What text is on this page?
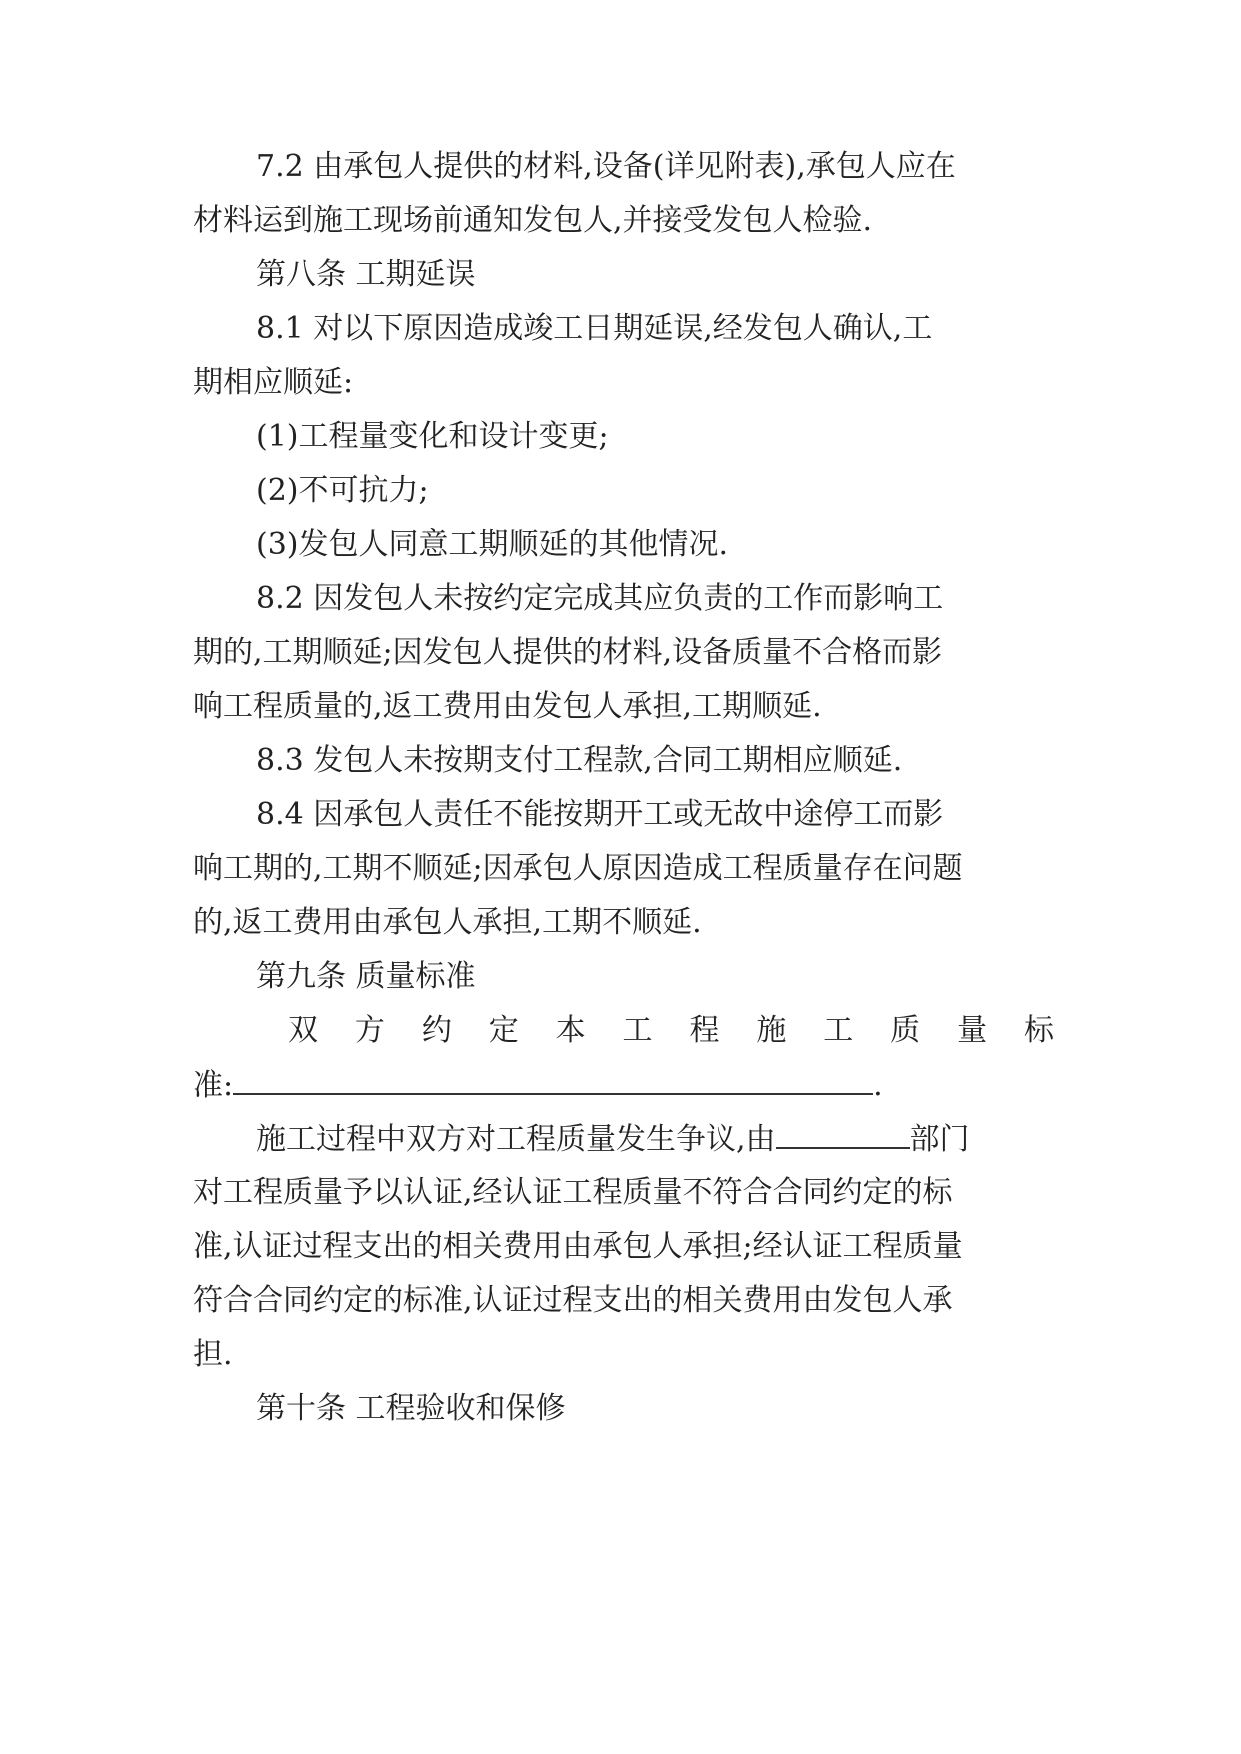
7.2 由承包人提供的材料,设备(详见附表),承包人应在
材料运到施工现场前通知发包人,并接受发包人检验.
第八条 工期延误
8.1 对以下原因造成竣工日期延误,经发包人确认,工
期相应顺延:
(1)工程量变化和设计变更;
(2)不可抗力;
(3)发包人同意工期顺延的其他情况.
8.2 因发包人未按约定完成其应负责的工作而影响工
期的,工期顺延;因发包人提供的材料,设备质量不合格而影
响工程质量的,返工费用由发包人承担,工期顺延.
8.3 发包人未按期支付工程款,合同工期相应顺延.
8.4 因承包人责任不能按期开工或无故中途停工而影
响工期的,工期不顺延;因承包人原因造成工程质量存在问题
的,返工费用由承包人承担,工期不顺延.
第九条 质量标准
双方约定本工程施工质量标
准:	.
施工过程中双方对工程质量发生争议,由	部门
对工程质量予以认证,经认证工程质量不符合合同约定的标
准,认证过程支出的相关费用由承包人承担;经认证工程质量
符合合同约定的标准,认证过程支出的相关费用由发包人承
担.
第十条 工程验收和保修
